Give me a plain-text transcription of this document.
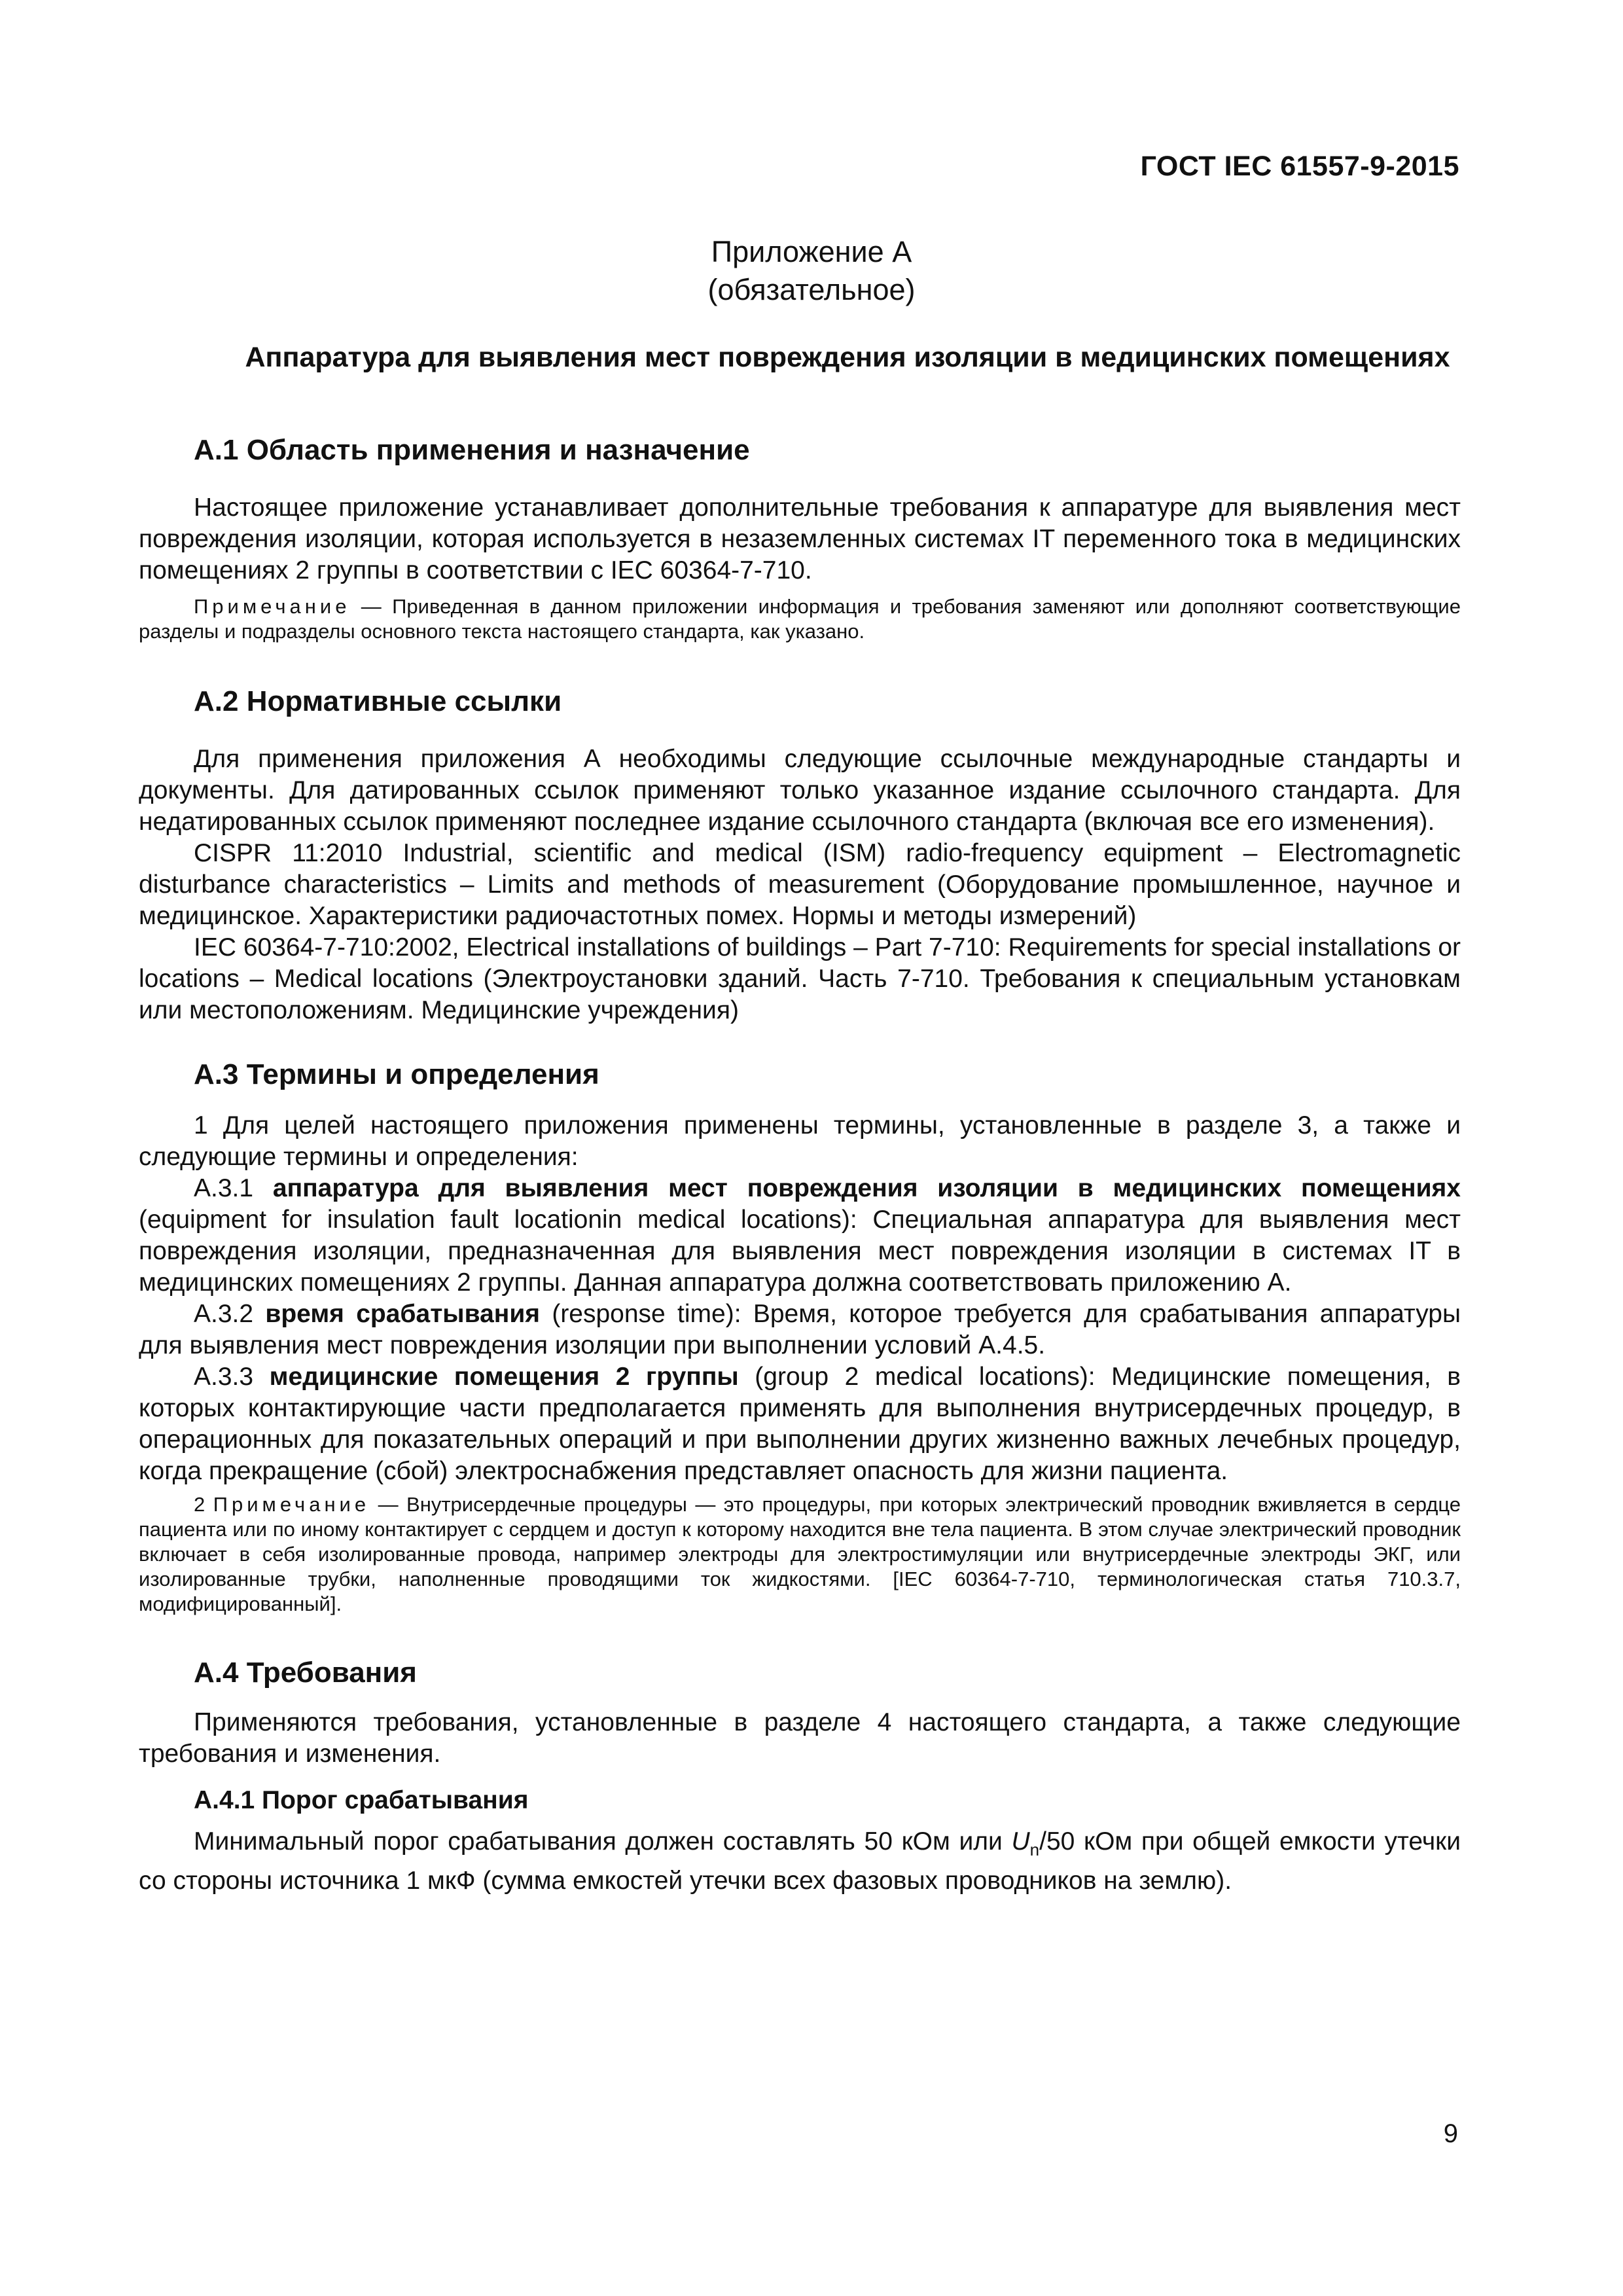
ГОСТ IEC 61557-9-2015
Приложение А
(обязательное)
Аппаратура для выявления мест повреждения изоляции в медицинских помещениях
А.1 Область применения и назначение

Настоящее приложение устанавливает дополнительные требования к аппаратуре для выявления мест повреждения изоляции, которая используется в незаземленных системах IT переменного тока в медицинских помещениях 2 группы в соответствии с IEC 60364-7-710.

Примечание — Приведенная в данном приложении информация и требования заменяют или дополняют соответствующие разделы и подразделы основного текста настоящего стандарта, как указано.
А.2 Нормативные ссылки

Для применения приложения А необходимы следующие ссылочные международные стандарты и документы. Для датированных ссылок применяют только указанное издание ссылочного стандарта. Для недатированных ссылок применяют последнее издание ссылочного стандарта (включая все его изменения).

CISPR 11:2010 Industrial, scientific and medical (ISM) radio-frequency equipment – Electromagnetic disturbance characteristics – Limits and methods of measurement (Оборудование промышленное, научное и медицинское. Характеристики радиочастотных помех. Нормы и методы измерений)

IEC 60364-7-710:2002, Electrical installations of buildings – Part 7-710: Requirements for special installations or locations – Medical locations (Электроустановки зданий. Часть 7-710. Требования к специальным установкам или местоположениям. Медицинские учреждения)

А.3 Термины и определения

1 Для целей настоящего приложения применены термины, установленные в разделе 3, а также и следующие термины и определения:

А.3.1 аппаратура для выявления мест повреждения изоляции в медицинских помещениях (equipment for insulation fault locationin medical locations): Специальная аппаратура для выявления мест повреждения изоляции, предназначенная для выявления мест повреждения изоляции в системах IT в медицинских помещениях 2 группы. Данная аппаратура должна соответствовать приложению А.

А.3.2 время срабатывания (response time): Время, которое требуется для срабатывания аппаратуры для выявления мест повреждения изоляции при выполнении условий А.4.5.

А.3.3 медицинские помещения 2 группы (group 2 medical locations): Медицинские помещения, в которых контактирующие части предполагается применять для выполнения внутрисердечных процедур, в операционных для показательных операций и при выполнении других жизненно важных лечебных процедур, когда прекращение (сбой) электроснабжения представляет опасность для жизни пациента.

2 Примечание — Внутрисердечные процедуры — это процедуры, при которых электрический проводник вживляется в сердце пациента или по иному контактирует с сердцем и доступ к которому находится вне тела пациента. В этом случае электрический проводник включает в себя изолированные провода, например электроды для электростимуляции или внутрисердечные электроды ЭКГ, или изолированные трубки, наполненные проводящими ток жидкостями. [IEC 60364-7-710, терминологическая статья 710.3.7, модифицированный].
А.4 Требования

Применяются требования, установленные в разделе 4 настоящего стандарта, а также следующие требования и изменения.

А.4.1 Порог срабатывания

Минимальный порог срабатывания должен составлять 50 кОм или $U_n/50$ кОм при общей емкости утечки со стороны источника 1 мкФ (сумма емкостей утечки всех фазовых проводников на землю).

9
